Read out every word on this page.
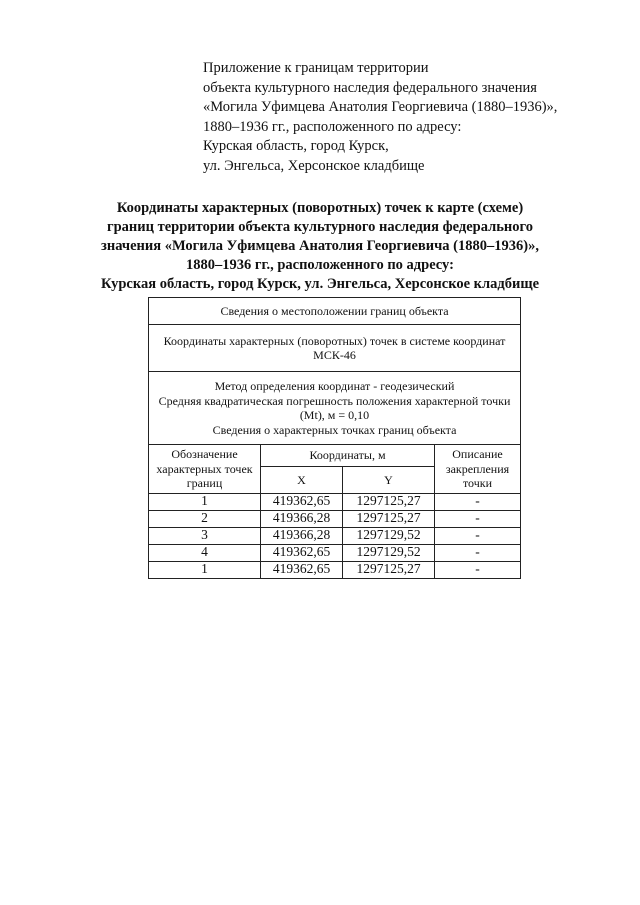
Приложение к границам территории
объекта культурного наследия федерального значения
«Могила Уфимцева Анатолия Георгиевича (1880–1936)»,
1880–1936 гг., расположенного по адресу:
Курская область, город Курск,
ул. Энгельса, Херсонское кладбище
Координаты характерных (поворотных) точек к карте (схеме)
границ территории объекта культурного наследия федерального
значения «Могила Уфимцева Анатолия Георгиевича (1880–1936)»,
1880–1936 гг., расположенного по адресу:
Курская область, город Курск, ул. Энгельса, Херсонское кладбище
Сведения о местоположении границ объекта			
Координаты характерных (поворотных) точек в системе координат МСК-46			

Метод определения координат - геодезический
Средняя квадратическая погрешность положения характерной точки (Mt), м = 0,10
Сведения о характерных точках границ объекта			

Обозначение характерных точек границ	Координаты, м		Описание закрепления точки
	X	Y	
1	419362,65	1297125,27	-
2	419366,28	1297125,27	-
3	419366,28	1297129,52	-
4	419362,65	1297129,52	-
1	419362,65	1297125,27	-
